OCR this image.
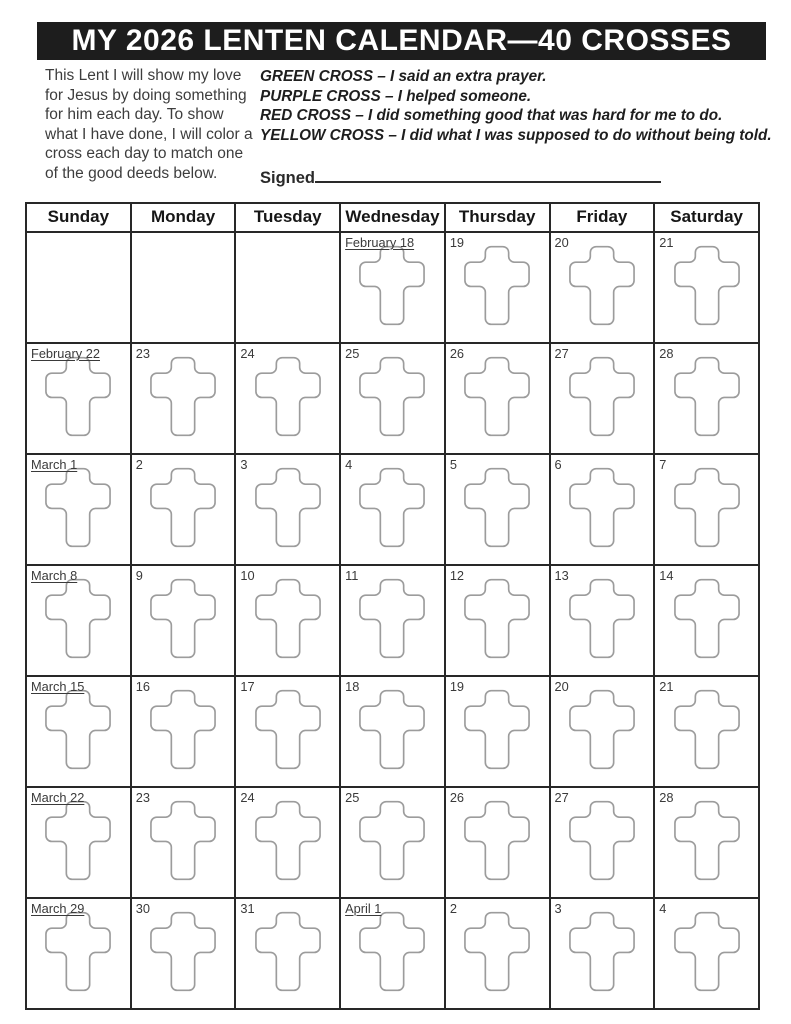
MY 2026 LENTEN CALENDAR—40 CROSSES

This Lent I will show my love for Jesus by doing something for him each day. To show what I have done, I will color a cross each day to match one of the good deeds below.

GREEN CROSS – I said an extra prayer.
PURPLE CROSS – I helped someone.
RED CROSS – I did something good that was hard for me to do.
YELLOW CROSS – I did what I was supposed to do without being told.
Signed
Sunday	Monday	Tuesday	Wednesday	Thursday	Friday	Saturday

			February 18	19	20	21

February 22	23	24	25	26	27	28

March 1	2	3	4	5	6	7

March 8	9	10	11	12	13	14

March 15	16	17	18	19	20	21

March 22	23	24	25	26	27	28

March 29	30	31	April 1	2	3	4
